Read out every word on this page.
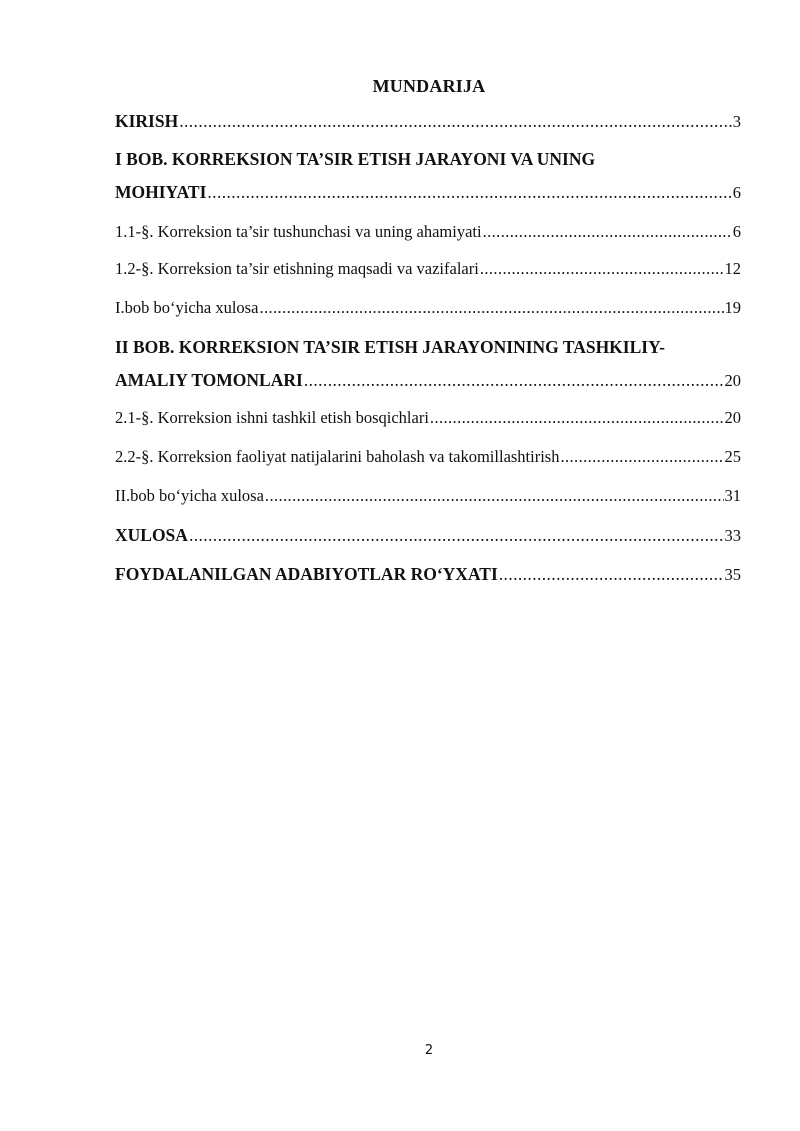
MUNDARIJA
KIRISH .....	3
I BOB. KORREKSION TA’SIR ETISH JARAYONI VA UNING
MOHIYATI .....	6
1.1-§. Korreksion ta’sir tushunchasi va uning ahamiyati .....	6
1.2-§. Korreksion ta’sir etishning maqsadi va vazifalari .....	12
I.bob bo‘yicha xulosa .....	19
II BOB. KORREKSION TA’SIR ETISH JARAYONINING TASHKILIY-
AMALIY TOMONLARI .....	20
2.1-§. Korreksion ishni tashkil etish bosqichlari .....	20
2.2-§. Korreksion faoliyat natijalarini baholash va takomillashtirish .....	25
II.bob bo‘yicha xulosa .....	31
XULOSA .....	33
FOYDALANILGAN ADABIYOTLAR RO‘YXATI .....	35
2
